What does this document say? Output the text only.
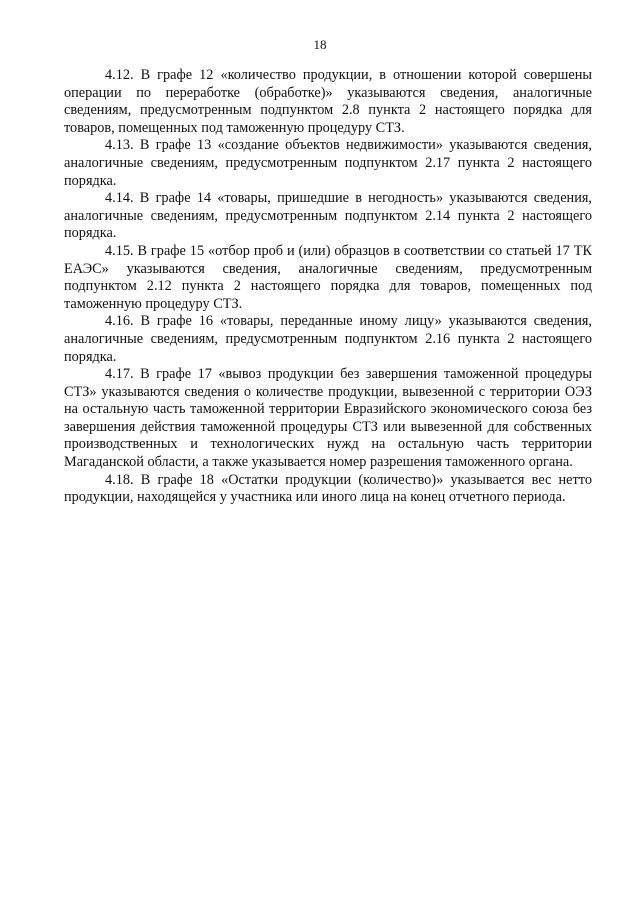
18

4.12. В графе 12 «количество продукции, в отношении которой совершены операции по переработке (обработке)» указываются сведения, аналогичные сведениям, предусмотренным подпунктом 2.8 пункта 2 настоящего порядка для товаров, помещенных под таможенную процедуру СТЗ.

4.13. В графе 13 «создание объектов недвижимости» указываются сведения, аналогичные сведениям, предусмотренным подпунктом 2.17 пункта 2 настоящего порядка.

4.14. В графе 14 «товары, пришедшие в негодность» указываются сведения, аналогичные сведениям, предусмотренным подпунктом 2.14 пункта 2 настоящего порядка.

4.15. В графе 15 «отбор проб и (или) образцов в соответствии со статьей 17 ТК ЕАЭС» указываются сведения, аналогичные сведениям, предусмотренным подпунктом 2.12 пункта 2 настоящего порядка для товаров, помещенных под таможенную процедуру СТЗ.

4.16. В графе 16 «товары, переданные иному лицу» указываются сведения, аналогичные сведениям, предусмотренным подпунктом 2.16 пункта 2 настоящего порядка.

4.17. В графе 17 «вывоз продукции без завершения таможенной процедуры СТЗ» указываются сведения о количестве продукции, вывезенной с территории ОЭЗ на остальную часть таможенной территории Евразийского экономического союза без завершения действия таможенной процедуры СТЗ или вывезенной для собственных производственных и технологических нужд на остальную часть территории Магаданской области, а также указывается номер разрешения таможенного органа.

4.18. В графе 18 «Остатки продукции (количество)» указывается вес нетто продукции, находящейся у участника или иного лица на конец отчетного периода.
